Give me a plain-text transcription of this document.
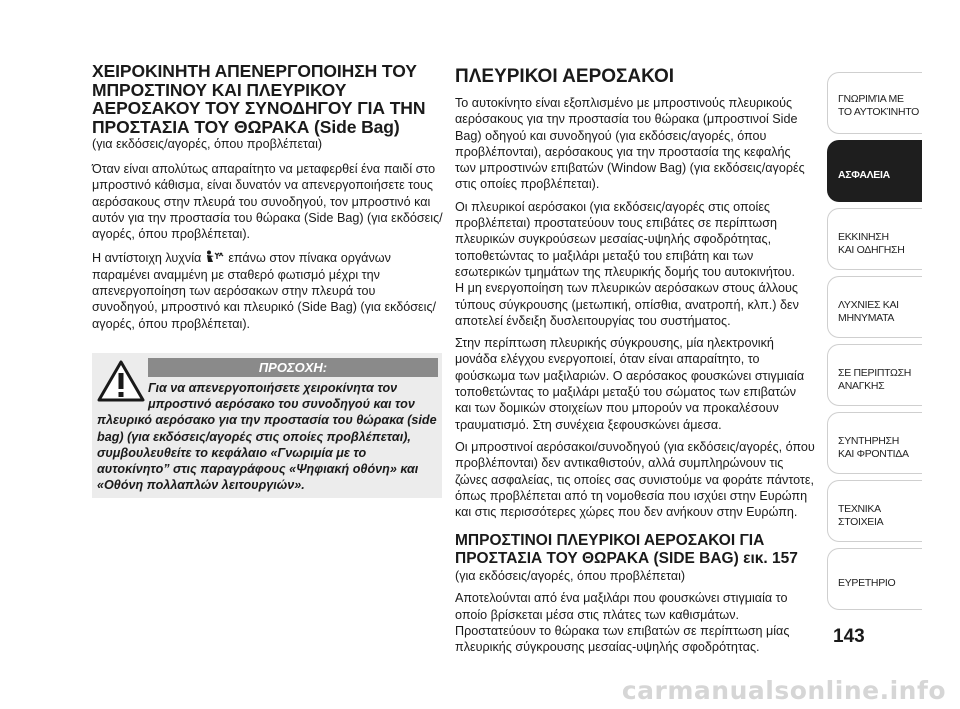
ΧΕΙΡΟΚΙΝΗΤΗ ΑΠΕΝΕΡΓΟΠΟΙΗΣΗ ΤΟΥ ΜΠΡΟΣΤΙΝΟΥ ΚΑΙ ΠΛΕΥΡΙΚΟΥ ΑΕΡΟΣΑΚΟΥ ΤΟΥ ΣΥΝΟΔΗΓΟΥ ΓΙΑ ΤΗΝ ΠΡΟΣΤΑΣΙΑ ΤΟΥ ΘΩΡΑΚΑ (Side Bag)
(για εκδόσεις/αγορές, όπου προβλέπεται)

Όταν είναι απολύτως απαραίτητο να μεταφερθεί ένα παιδί στο μπροστινό κάθισμα, είναι δυνατόν να απενεργοποιήσετε τους αερόσακους στην πλευρά του συνοδηγού, τον μπροστινό και αυτόν για την προστασία του θώρακα (Side Bag) (για εκδόσεις/αγορές, όπου προβλέπεται).

Η αντίστοιχη λυχνία επάνω στον πίνακα οργάνων παραμένει αναμμένη με σταθερό φωτισμό μέχρι την απενεργοποίηση των αερόσακων στην πλευρά του συνοδηγού, μπροστινό και πλευρικό (Side Bag) (για εκδόσεις/αγορές, όπου προβλέπεται).

ΠΡΟΣΟΧΗ:
Για να απενεργοποιήσετε χειροκίνητα τον
μπροστινό αερόσακο του συνοδηγού και τον
πλευρικό αερόσακο για την προστασία του θώρακα (side bag) (για εκδόσεις/αγορές στις οποίες προβλέπεται), συμβουλευθείτε το κεφάλαιο «Γνωριμία με το αυτοκίνητο” στις παραγράφους «Ψηφιακή οθόνη» και «Οθόνη πολλαπλών λειτουργιών».
ΠΛΕΥΡΙΚΟΙ ΑΕΡΟΣΑΚΟΙ

Το αυτοκίνητο είναι εξοπλισμένο με μπροστινούς πλευρικούς αερόσακους για την προστασία του θώρακα (μπροστινοί Side Bag) οδηγού και συνοδηγού (για εκδόσεις/αγορές, όπου προβλέπονται), αερόσακους για την προστασία της κεφαλής των μπροστινών επιβατών (Window Bag) (για εκδόσεις/αγορές στις οποίες προβλέπεται).

Οι πλευρικοί αερόσακοι (για εκδόσεις/αγορές στις οποίες προβλέπεται) προστατεύουν τους επιβάτες σε περίπτωση πλευρικών συγκρούσεων μεσαίας-υψηλής σφοδρότητας, τοποθετώντας το μαξιλάρι μεταξύ του επιβάτη και των εσωτερικών τμημάτων της πλευρικής δομής του αυτοκινήτου.

Η μη ενεργοποίηση των πλευρικών αερόσακων στους άλλους τύπους σύγκρουσης (μετωπική, οπίσθια, ανατροπή, κλπ.) δεν αποτελεί ένδειξη δυσλειτουργίας του συστήματος.

Στην περίπτωση πλευρικής σύγκρουσης, μία ηλεκτρονική μονάδα ελέγχου ενεργοποιεί, όταν είναι απαραίτητο, το φούσκωμα των μαξιλαριών. Ο αερόσακος φουσκώνει στιγμιαία τοποθετώντας το μαξιλάρι μεταξύ του σώματος των επιβατών και των δομικών στοιχείων που μπορούν να προκαλέσουν τραυματισμό. Στη συνέχεια ξεφουσκώνει άμεσα.

Οι μπροστινοί αερόσακοι/συνοδηγού (για εκδόσεις/αγορές, όπου προβλέπονται) δεν αντικαθιστούν, αλλά συμπληρώνουν τις ζώνες ασφαλείας, τις οποίες σας συνιστούμε να φοράτε πάντοτε, όπως προβλέπεται από τη νομοθεσία που ισχύει στην Ευρώπη και στις περισσότερες χώρες που δεν ανήκουν στην Ευρώπη.

ΜΠΡΟΣΤΙΝΟΙ ΠΛΕΥΡΙΚΟΙ ΑΕΡΟΣΑΚΟΙ ΓΙΑ ΠΡΟΣΤΑΣΙΑ ΤΟΥ ΘΩΡΑΚΑ (SIDE BAG) εικ. 157
(για εκδόσεις/αγορές, όπου προβλέπεται)

Αποτελούνται από ένα μαξιλάρι που φουσκώνει στιγμιαία το οποίο βρίσκεται μέσα στις πλάτες των καθισμάτων. Προστατεύουν το θώρακα των επιβατών σε περίπτωση μίας πλευρικής σύγκρουσης μεσαίας-υψηλής σφοδρότητας.

ΓΝΩΡΙΜΊΑ ΜΕ
ΤΟ ΑΥΤΟΚΊΝΗΤΟ
ΑΣΦΑΛΕΙΑ
ΕΚΚΙΝΗΣΗ
ΚΑΙ ΟΔΗΓΗΣΗ
ΛΥΧΝΙΕΣ ΚΑΙ
ΜΗΝΥΜΑΤΑ
ΣΕ ΠΕΡΙΠΤΩΣΗ
ΑΝΑΓΚΗΣ
ΣΥΝΤΗΡΗΣΗ
ΚΑΙ ΦΡΟΝΤΙΔΑ
ΤΕΧΝΙΚΑ
ΣΤΟΙΧΕΙΑ
ΕΥΡΕΤΗΡΙΟ
143
carmanualsonline.info
